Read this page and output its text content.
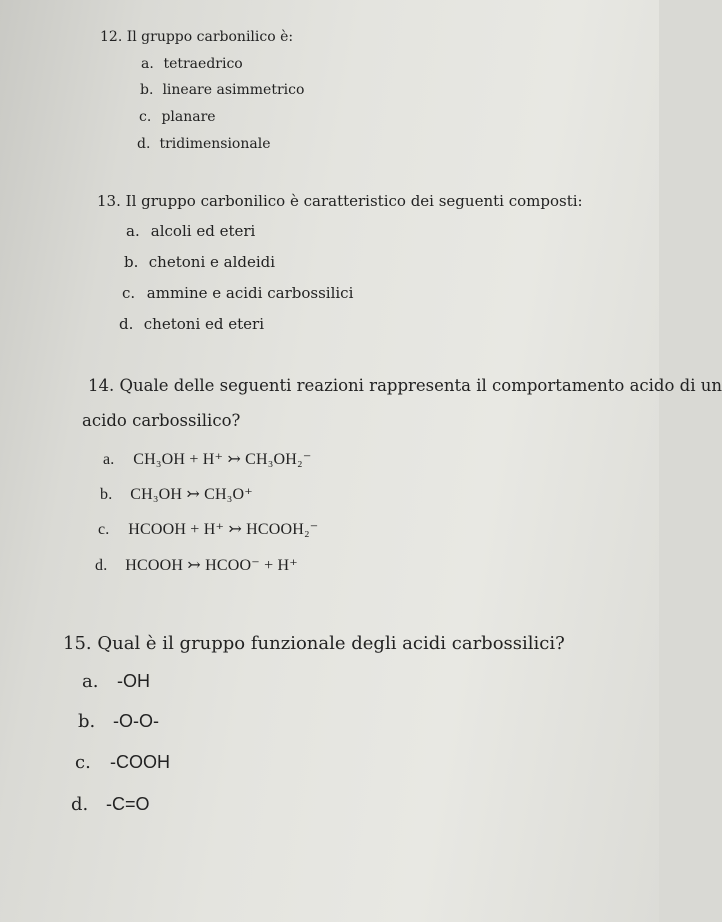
12. Il gruppo carbonilico è:
a. tetraedrico
b. lineare asimmetrico
c. planare
d. tridimensionale
13. Il gruppo carbonilico è caratteristico dei seguenti composti:
a. alcoli ed eteri
b. chetoni e aldeidi
c. ammine e acidi carbossilici
d. chetoni ed eteri
14. Quale delle seguenti reazioni rappresenta il comportamento acido di un
acido carbossilico?
a. CH₃OH + H⁺ ↣ CH₃OH₂⁻
b. CH₃OH ↣ CH₃O⁺
c. HCOOH + H⁺ ↣ HCOOH₂⁻
d. HCOOH ↣ HCOO⁻ + H⁺
15. Qual è il gruppo funzionale degli acidi carbossilici?
a. -OH
b. -O-O-
c. -COOH
d. -C=O
